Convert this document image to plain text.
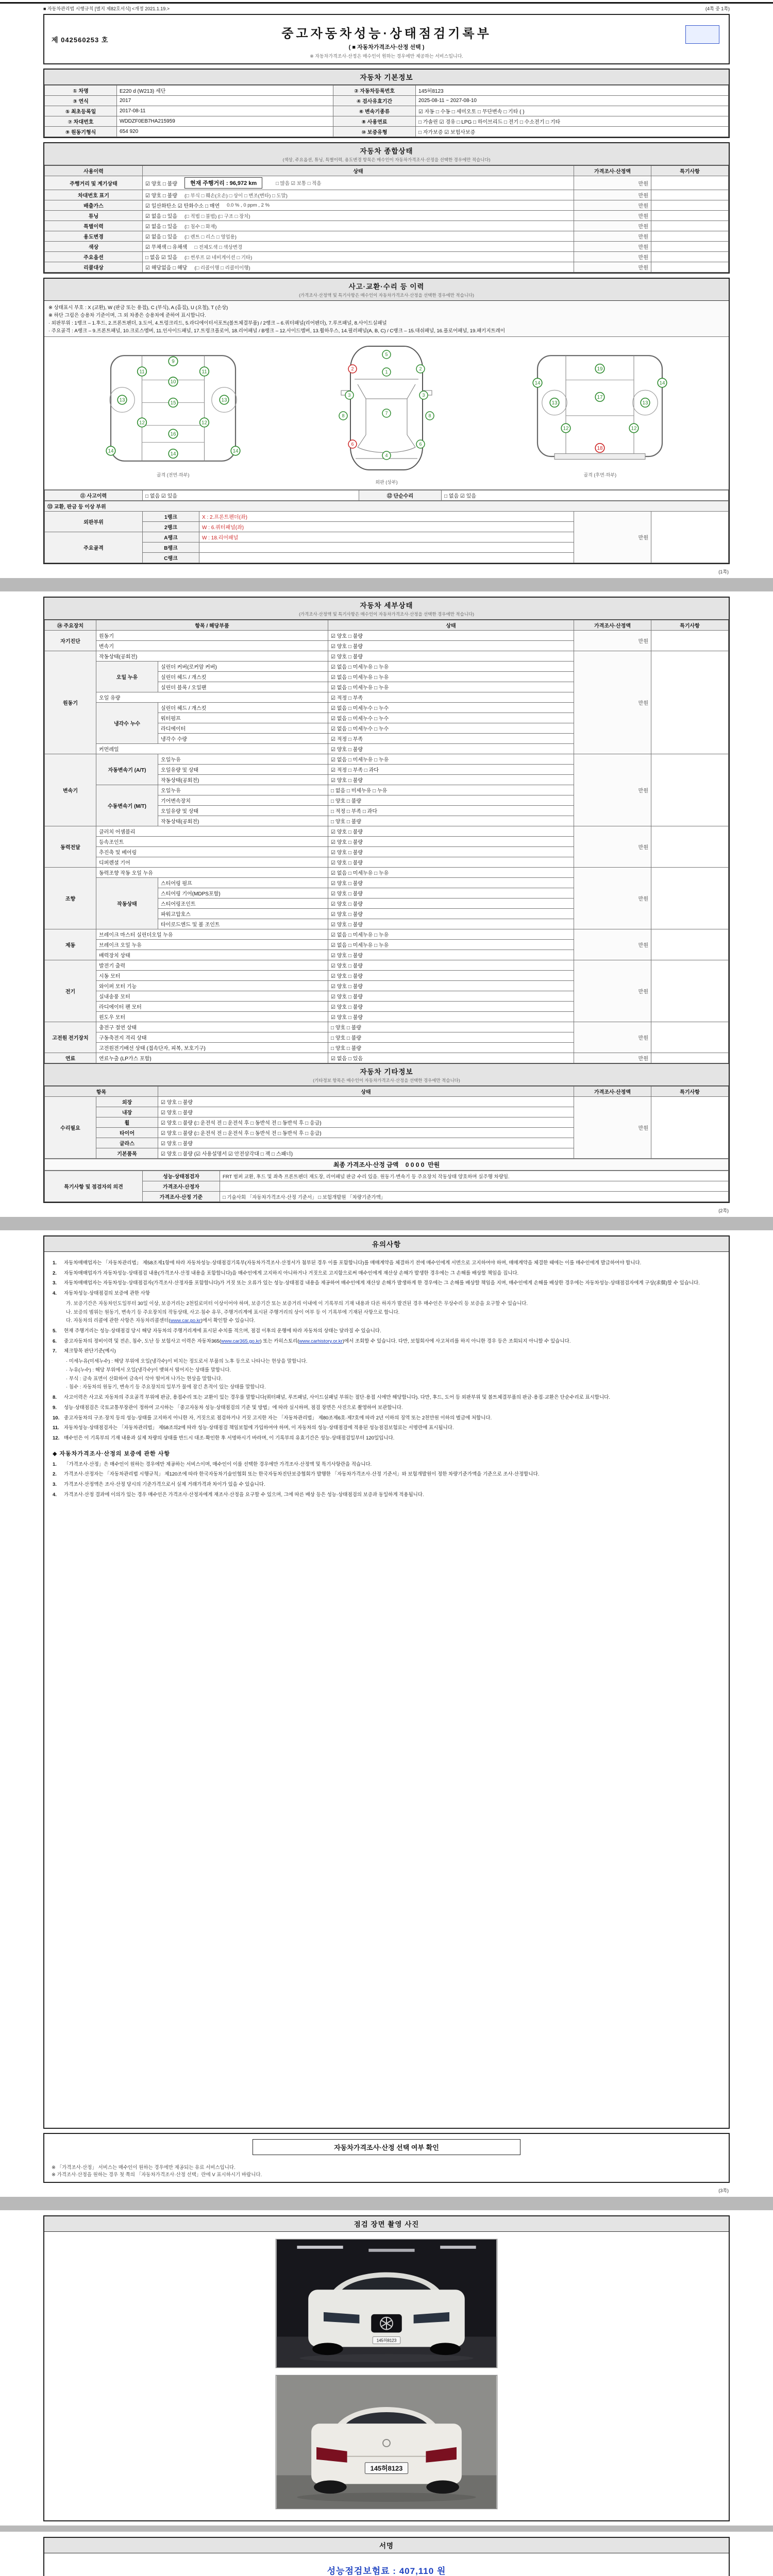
■ 자동차관리법 시행규칙 [별지 제82호서식] <개정 2021.1.19.>	(4쪽 중 1쪽)
제 042560253 호	중고자동차성능·상태점검기록부
( ■ 자동차가격조사·산정 선택 )
※ 자동차가격조사·산정은 매수인이 원하는 경우에만 제공하는 서비스입니다.
자동차 기본정보
① 차명	E220 d (W213) 세단	② 자동차등록번호	145허8123
③ 연식	2017	④ 검사유효기간	2025-08-11 ~ 2027-08-10
⑤ 최초등록일	2017-08-11	⑥ 변속기종류	☑ 자동 □ 수동 □ 세미오토 □ 무단변속 □ 기타 ( )
⑦ 차대번호	WDDZF0EB7HA215959	⑧ 사용연료	□ 가솔린 ☑ 경유 □ LPG □ 하이브리드 □ 전기 □ 수소전기 □ 기타
⑨ 원동기형식	654 920	⑩ 보증유형	□ 자가보증 ☑ 보험사보증
자동차 종합상태
(색상, 주요옵션, 튜닝, 특별이력, 용도변경 항목은 매수인이 자동차가격조사·산정을 선택한 경우에만 적습니다)
사용이력	상태	가격조사·산정액	특기사항
주행거리 및 계기상태	☑ 양호 □ 불량 현재 주행거리 : 96,972 km □ 많음 ☑ 보통 □ 적음	만원	
차대번호 표기	☑ 양호 □ 불량 (□ 부식 □ 훼손(오손) □ 상이 □ 변조(변타) □ 도말)	만원	
배출가스	☑ 일산화탄소 ☑ 탄화수소 □ 매연 0.0 % , 0 ppm , 2 %	만원	
튜닝	☑ 없음 □ 있음 (□ 적법 □ 불법) (□ 구조 □ 장치)	만원	
특별이력	☑ 없음 □ 있음 (□ 침수 □ 화재)	만원	
용도변경	☑ 없음 □ 있음 (□ 렌트 □ 리스 □ 영업용)	만원	
색상	☑ 무채색 □ 유채색 □ 전체도색 □ 색상변경	만원	
주요옵션	□ 없음 ☑ 있음 (□ 썬루프 ☑ 네비게이션 □ 기타)	만원	
리콜대상	☑ 해당없음 □ 해당 (□ 리콜이행 □ 리콜미이행)	만원	
사고·교환·수리 등 이력
(가격조사·산정액 및 특기사항은 매수인이 자동차가격조사·산정을 선택한 경우에만 적습니다)
※ 상태표시 부호 : X (교환), W (판금 또는 용접), C (부식), A (흠집), U (요철), T (손상)
※ 하단 그림은 승용차 기준이며, 그 외 차종은 승용차에 준하여 표시합니다.
· 외판부위 : 1랭크 – 1.후드, 2.프론트펜더, 3.도어, 4.트렁크리드, 5.라디에이터서포트(볼트체결부품) / 2랭크 – 6.쿼터패널(리어펜더), 7.루프패널, 8.사이드실패널
· 주요골격 : A랭크 – 9.프론트패널, 10.크로스멤버, 11.인사이드패널, 17.트렁크플로어, 18.리어패널 / B랭크 – 12.사이드멤버, 13.휠하우스, 14.필러패널(A, B, C) / C랭크 – 15.대쉬패널, 16.플로어패널, 19.패키지트레이
9
10
11	11
13	13
12	12
15
16
14	14	14
골격 (전면·하부)
5
1
2	2
3	3
8	8
7
6	6
4
외판 (상부)
19
17
13	13
12	12
14	14
18
골격 (후면·하부)
⑪ 사고이력	□ 없음 ☑ 있음	⑫ 단순수리	□ 없음 ☑ 있음
⑬ 교환, 판금 등 이상 부위				
외판부위	1랭크	X : 2.프론트펜더(좌)	만원	
	2랭크	W : 6.쿼터패널(좌)		
주요골격	A랭크	W : 18.리어패널		
	B랭크			
	C랭크			
(1쪽)
자동차 세부상태
(가격조사·산정액 및 특기사항은 매수인이 자동차가격조사·산정을 선택한 경우에만 적습니다)
⑭ 주요장치	항목 / 해당부품		상태	가격조사·산정액	특기사항
자기진단	원동기		☑ 양호 □ 불량	만원	
	변속기		☑ 양호 □ 불량		
원동기	작동상태(공회전)		☑ 양호 □ 불량	만원	
	오일 누유	실린더 커버(로커암 커버)	☑ 없음 □ 미세누유 □ 누유		
		실린더 헤드 / 개스킷	☑ 없음 □ 미세누유 □ 누유		
		실린더 블록 / 오일팬	☑ 없음 □ 미세누유 □ 누유		
	오일 유량		☑ 적정 □ 부족		
	냉각수 누수	실린더 헤드 / 개스킷	☑ 없음 □ 미세누수 □ 누수		
		워터펌프	☑ 없음 □ 미세누수 □ 누수		
		라디에이터	☑ 없음 □ 미세누수 □ 누수		
		냉각수 수량	☑ 적정 □ 부족		
	커먼레일		☑ 양호 □ 불량		
변속기	자동변속기 (A/T)	오일누유	☑ 없음 □ 미세누유 □ 누유	만원	
		오일유량 및 상태	☑ 적정 □ 부족 □ 과다		
		작동상태(공회전)	☑ 양호 □ 불량		
	수동변속기 (M/T)	오일누유	□ 없음 □ 미세누유 □ 누유		
		기어변속장치	□ 양호 □ 불량		
		오일유량 및 상태	□ 적정 □ 부족 □ 과다		
		작동상태(공회전)	□ 양호 □ 불량		
동력전달	클러치 어셈블리		☑ 양호 □ 불량	만원	
	등속조인트		☑ 양호 □ 불량		
	추진축 및 베어링		☑ 양호 □ 불량		
	디퍼렌셜 기어		☑ 양호 □ 불량		
조향	동력조향 작동 오일 누유		☑ 없음 □ 미세누유 □ 누유	만원	
	작동상태	스티어링 펌프	☑ 양호 □ 불량		
		스티어링 기어(MDPS포함)	☑ 양호 □ 불량		
		스티어링조인트	☑ 양호 □ 불량		
		파워고압호스	☑ 양호 □ 불량		
		타이로드엔드 및 볼 조인트	☑ 양호 □ 불량		
제동	브레이크 마스터 실린더오일 누유		☑ 없음 □ 미세누유 □ 누유	만원	
	브레이크 오일 누유		☑ 없음 □ 미세누유 □ 누유		
	배력장치 상태		☑ 양호 □ 불량		
전기	발전기 출력		☑ 양호 □ 불량	만원	
	시동 모터		☑ 양호 □ 불량		
	와이퍼 모터 기능		☑ 양호 □ 불량		
	실내송풍 모터		☑ 양호 □ 불량		
	라디에이터 팬 모터		☑ 양호 □ 불량		
	윈도우 모터		☑ 양호 □ 불량		
고전원 전기장치	충전구 절연 상태		□ 양호 □ 불량	만원	
	구동축전지 격리 상태		□ 양호 □ 불량		
	고전원전기배선 상태 (접속단자, 피복, 보호기구)		□ 양호 □ 불량		
연료	연료누출 (LP가스 포함)		☑ 없음 □ 있음	만원	
자동차 기타정보
(기타정보 항목은 매수인이 자동차가격조사·산정을 선택한 경우에만 적습니다)
항목		상태	가격조사·산정액	특기사항
수리필요	외장	☑ 양호 □ 불량	만원	
	내장	☑ 양호 □ 불량		
	휠	☑ 양호 □ 불량 (□ 운전석 전 □ 운전석 후 □ 동반석 전 □ 동반석 후 □ 응급)		
	타이어	☑ 양호 □ 불량 (□ 운전석 전 □ 운전석 후 □ 동반석 전 □ 동반석 후 □ 응급)		
	글라스	☑ 양호 □ 불량		
	기본품목	☑ 양호 □ 불량 (☑ 사용설명서 ☑ 안전삼각대 □ 잭 □ 스패너)		
최종 가격조사·산정 금액 0 0 0 0 만원
특기사항 및 점검자의 의견	성능·상태점검자	FRT 범퍼 교환, 후드 및 좌측 프론트펜더 재도장, 리어패널 판금 수리 있음. 원동기·변속기 등 주요장치 작동상태 양호하며 실주행 차량임.
	가격조사·산정자	
	가격조사·산정 기준	□ 기술사회 「자동차가격조사·산정 기준서」 □ 보험개발원 「차량기준가액」
(2쪽)
유의사항
1.	자동차매매업자는 「자동차관리법」 제58조제1항에 따라 자동차성능·상태점검기록부(자동차가격조사·산정서가 첨부된 경우 이를 포함합니다)를 매매계약을 체결하기 전에 매수인에게 서면으로 고지하여야 하며, 매매계약을 체결한 때에는 이를 매수인에게 발급하여야 합니다.
2.	자동차매매업자가 자동차성능·상태점검 내용(가격조사·산정 내용을 포함합니다)을 매수인에게 고지하지 아니하거나 거짓으로 고지함으로써 매수인에게 재산상 손해가 발생한 경우에는 그 손해를 배상할 책임을 집니다.
3.	자동차매매업자는 자동차성능·상태점검자(가격조사·산정자를 포함합니다)가 거짓 또는 오류가 있는 성능·상태점검 내용을 제공하여 매수인에게 재산상 손해가 발생하게 한 경우에는 그 손해를 배상할 책임을 지며, 매수인에게 손해를 배상한 경우에는 자동차성능·상태점검자에게 구상(求償)할 수 있습니다.
4.	자동차성능·상태점검의 보증에 관한 사항
가. 보증기간은 자동차인도일부터 30일 이상, 보증거리는 2천킬로미터 이상이어야 하며, 보증기간 또는 보증거리 이내에 이 기록부의 기재 내용과 다른 하자가 발견된 경우 매수인은 무상수리 등 보증을 요구할 수 있습니다.
나. 보증의 범위는 원동기, 변속기 등 주요장치의 작동상태, 사고·침수 유무, 주행거리계에 표시된 주행거리의 상이 여부 등 이 기록부에 기재된 사항으로 합니다.
다. 자동차의 리콜에 관한 사항은 자동차리콜센터(www.car.go.kr)에서 확인할 수 있습니다.
5.	현재 주행거리는 성능·상태점검 당시 해당 자동차의 주행거리계에 표시된 수치를 적으며, 점검 이후의 운행에 따라 자동차의 상태는 달라질 수 있습니다.
6.	중고자동차의 정비이력 및 전손, 침수, 도난 등 보험사고 이력은 자동차365(www.car365.go.kr) 또는 카히스토리(www.carhistory.or.kr)에서 조회할 수 있습니다. 다만, 보험회사에 사고처리를 하지 아니한 경우 등은 조회되지 아니할 수 있습니다.
7.	체크항목 판단기준(예시)
· 미세누유(미세누수) : 해당 부위에 오일(냉각수)이 비치는 정도로서 부품의 노후 등으로 나타나는 현상을 말합니다.
· 누유(누수) : 해당 부위에서 오일(냉각수)이 맺혀서 떨어지는 상태를 말합니다.
· 부식 : 금속 표면이 산화하여 금속이 삭아 떨어져 나가는 현상을 말합니다.
· 침수 : 자동차의 원동기, 변속기 등 주요장치의 일부가 물에 잠긴 흔적이 있는 상태를 말합니다.
8.	사고이력은 사고로 자동차의 주요골격 부위에 판금, 용접수리 또는 교환이 있는 경우를 말합니다(쿼터패널, 루프패널, 사이드실패널 부위는 절단·용접 시에만 해당합니다). 다만, 후드, 도어 등 외판부위 및 볼트체결부품의 판금·용접·교환은 단순수리로 표시합니다.
9.	성능·상태점검은 국토교통부장관이 정하여 고시하는 「중고자동차 성능·상태점검의 기준 및 방법」에 따라 실시하며, 점검 장면은 사진으로 촬영하여 보관합니다.
10. 중고자동차의 구조·장치 등의 성능·상태를 고지하지 아니한 자, 거짓으로 점검하거나 거짓 고지한 자는 「자동차관리법」 제80조제6호·제7호에 따라 2년 이하의 징역 또는 2천만원 이하의 벌금에 처합니다.
11. 자동차성능·상태점검자는 「자동차관리법」 제58조의2에 따라 성능·상태점검 책임보험에 가입하여야 하며, 이 자동차의 성능·상태점검에 적용된 성능점검보험료는 서명란에 표시됩니다.
12. 매수인은 이 기록부의 기재 내용과 실제 차량의 상태를 반드시 대조·확인한 후 서명하시기 바라며, 이 기록부의 유효기간은 성능·상태점검일부터 120일입니다.
◆ 자동차가격조사·산정의 보증에 관한 사항
1.	「가격조사·산정」은 매수인이 원하는 경우에만 제공하는 서비스이며, 매수인이 이를 선택한 경우에만 가격조사·산정액 및 특기사항란을 적습니다.
2.	가격조사·산정자는 「자동차관리법 시행규칙」 제120조에 따라 한국자동차기술인협회 또는 한국자동차진단보증협회가 발행한 「자동차가격조사·산정 기준서」와 보험개발원이 정한 차량기준가액을 기준으로 조사·산정합니다.
3.	가격조사·산정액은 조사·산정 당시의 기준가격으로서 실제 거래가격과 차이가 있을 수 있습니다.
4.	가격조사·산정 결과에 이의가 있는 경우 매수인은 가격조사·산정자에게 재조사·산정을 요구할 수 있으며, 그에 따른 배상 등은 성능·상태점검의 보증과 동일하게 적용됩니다.
자동차가격조사·산정 선택 여부 확인
※ 「가격조사·산정」 서비스는 매수인이 원하는 경우에만 제공되는 유료 서비스입니다.
※ 가격조사·산정을 원하는 경우 첫 쪽의 「자동차가격조사·산정 선택」란에 V 표시하시기 바랍니다.
(3쪽)
점검 장면 촬영 사진
145허8123
145허8123
서명
성능점검보험료 : 407,110 원
